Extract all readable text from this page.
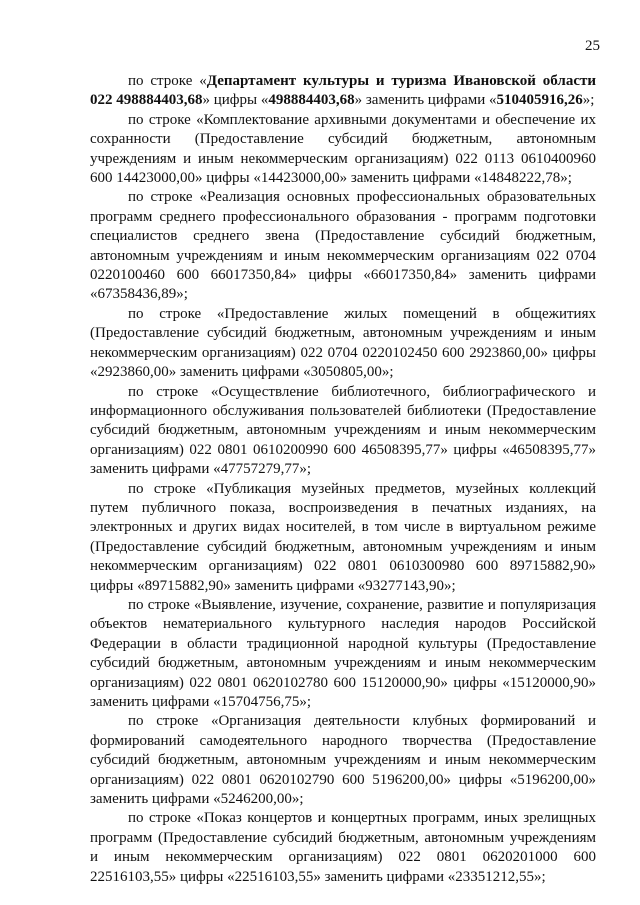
25

по строке «Департамент культуры и туризма Ивановской области 022 498884403,68» цифры «498884403,68» заменить цифрами «510405916,26»;

по строке «Комплектование архивными документами и обеспечение их сохранности (Предоставление субсидий бюджетным, автономным учреждениям и иным некоммерческим организациям) 022 0113 0610400960 600 14423000,00» цифры «14423000,00» заменить цифрами «14848222,78»;

по строке «Реализация основных профессиональных образовательных программ среднего профессионального образования - программ подготовки специалистов среднего звена (Предоставление субсидий бюджетным, автономным учреждениям и иным некоммерческим организациям 022 0704 0220100460 600 66017350,84» цифры «66017350,84» заменить цифрами «67358436,89»;

по строке «Предоставление жилых помещений в общежитиях (Предоставление субсидий бюджетным, автономным учреждениям и иным некоммерческим организациям) 022 0704 0220102450 600 2923860,00» цифры «2923860,00» заменить цифрами «3050805,00»;

по строке «Осуществление библиотечного, библиографического и информационного обслуживания пользователей библиотеки (Предоставление субсидий бюджетным, автономным учреждениям и иным некоммерческим организациям) 022 0801 0610200990 600 46508395,77» цифры «46508395,77» заменить цифрами «47757279,77»;

по строке «Публикация музейных предметов, музейных коллекций путем публичного показа, воспроизведения в печатных изданиях, на электронных и других видах носителей, в том числе в виртуальном режиме (Предоставление субсидий бюджетным, автономным учреждениям и иным некоммерческим организациям) 022 0801 0610300980 600 89715882,90» цифры «89715882,90» заменить цифрами «93277143,90»;

по строке «Выявление, изучение, сохранение, развитие и популяризация объектов нематериального культурного наследия народов Российской Федерации в области традиционной народной культуры (Предоставление субсидий бюджетным, автономным учреждениям и иным некоммерческим организациям) 022 0801 0620102780 600 15120000,90» цифры «15120000,90» заменить цифрами «15704756,75»;

по строке «Организация деятельности клубных формирований и формирований самодеятельного народного творчества (Предоставление субсидий бюджетным, автономным учреждениям и иным некоммерческим организациям) 022 0801 0620102790 600 5196200,00» цифры «5196200,00» заменить цифрами «5246200,00»;

по строке «Показ концертов и концертных программ, иных зрелищных программ (Предоставление субсидий бюджетным, автономным учреждениям и иным некоммерческим организациям) 022 0801 0620201000 600 22516103,55» цифры «22516103,55» заменить цифрами «23351212,55»;
